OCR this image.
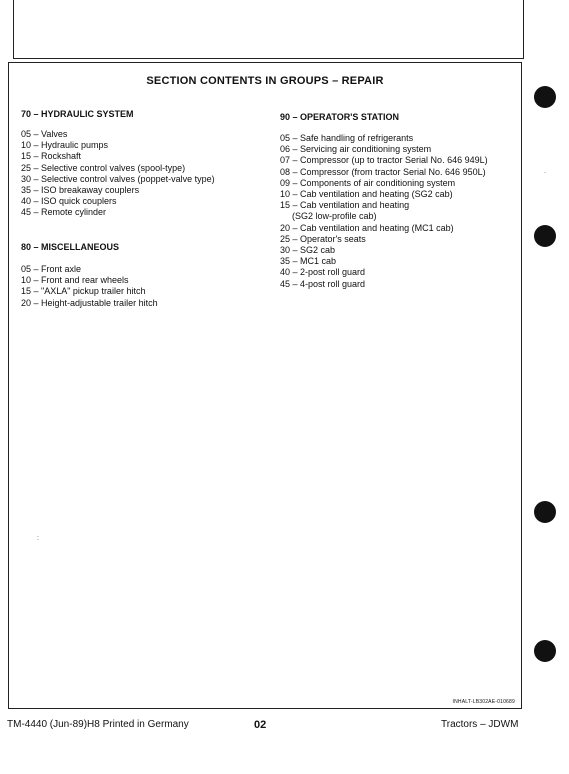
SECTION CONTENTS IN GROUPS – REPAIR
70 – HYDRAULIC SYSTEM
05 – Valves
10 – Hydraulic pumps
15 – Rockshaft
25 – Selective control valves (spool-type)
30 – Selective control valves (poppet-valve type)
35 – ISO breakaway couplers
40 – ISO quick couplers
45 – Remote cylinder
80 – MISCELLANEOUS
05 – Front axle
10 – Front and rear wheels
15 – "AXLA" pickup trailer hitch
20 – Height-adjustable trailer hitch
90 – OPERATOR'S STATION
05 – Safe handling of refrigerants
06 – Servicing air conditioning system
07 – Compressor (up to tractor Serial No. 646 949L)
08 – Compressor (from tractor Serial No. 646 950L)
09 – Components of air conditioning system
10 – Cab ventilation and heating (SG2 cab)
15 – Cab ventilation and heating
(SG2 low-profile cab)
20 – Cab ventilation and heating (MC1 cab)
25 – Operator's seats
30 – SG2 cab
35 – MC1 cab
40 – 2-post roll guard
45 – 4-post roll guard
INHALT-LB302AE-010689
:
.
TM-4440 (Jun-89)H8 Printed in Germany	02	Tractors – JDWM
